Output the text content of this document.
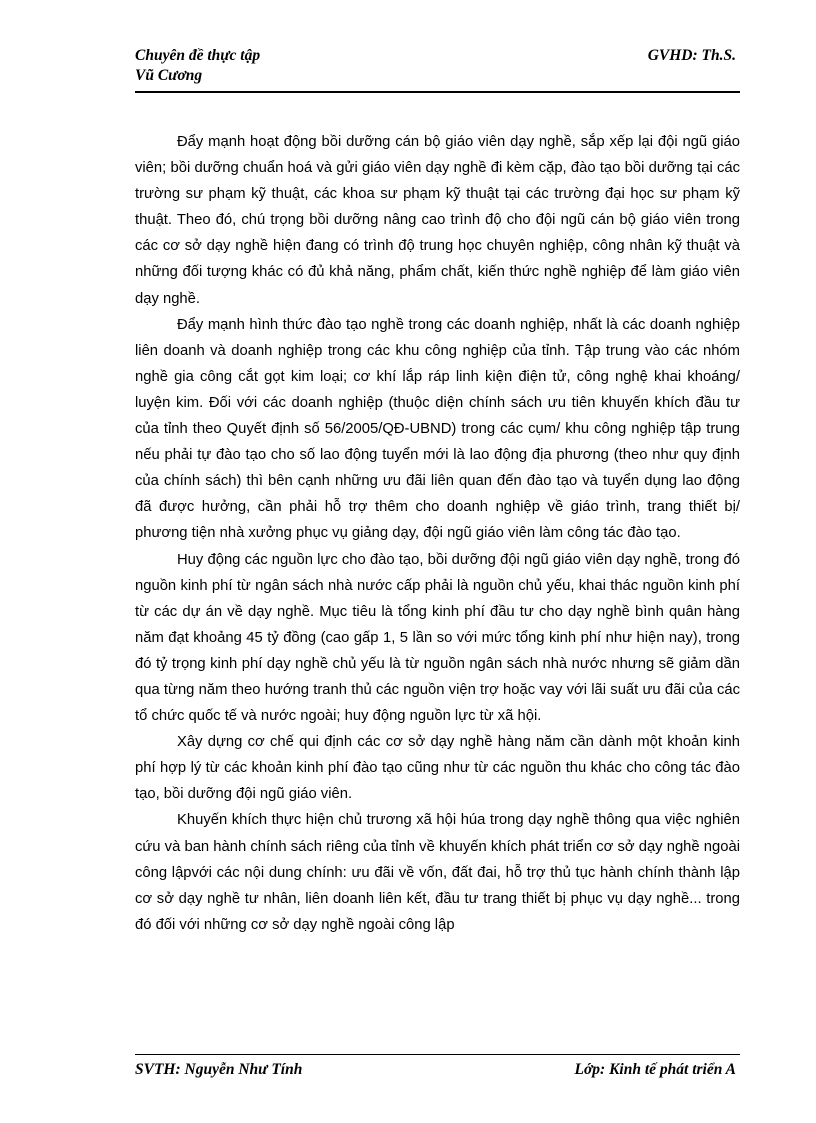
Chuyên đề thực tập
Vũ Cương
GVHD: Th.S.

Đẩy mạnh hoạt động bồi dưỡng cán bộ giáo viên dạy nghề, sắp xếp lại đội ngũ giáo viên; bồi dưỡng chuẩn hoá và gửi giáo viên dạy nghề đi kèm cặp, đào tạo bồi dưỡng tại các trường sư phạm kỹ thuật, các khoa sư phạm kỹ thuật tại các trường đại học sư phạm kỹ thuật. Theo đó, chú trọng bồi dưỡng nâng cao trình độ cho đội ngũ cán bộ giáo viên trong các cơ sở dạy nghề hiện đang có trình độ trung học chuyên nghiệp, công nhân kỹ thuật và những đối tượng khác có đủ khả năng, phẩm chất, kiến thức nghề nghiệp để làm giáo viên dạy nghề.

Đẩy mạnh hình thức đào tạo nghề trong các doanh nghiệp, nhất là các doanh nghiệp liên doanh và doanh nghiệp trong các khu công nghiệp của tỉnh. Tập trung vào các nhóm nghề gia công cắt gọt kim loại; cơ khí lắp ráp linh kiện điện tử, công nghệ khai khoáng/ luyện kim. Đối với các doanh nghiệp (thuộc diện chính sách ưu tiên khuyến khích đầu tư của tỉnh theo Quyết định số 56/2005/QĐ-UBND) trong các cụm/ khu công nghiệp tập trung nếu phải tự đào tạo cho số lao động tuyển mới là lao động địa phương (theo như quy định của chính sách) thì bên cạnh những ưu đãi liên quan đến đào tạo và tuyển dụng lao động đã được hưởng, cần phải hỗ trợ thêm cho doanh nghiệp về giáo trình, trang thiết bị/ phương tiện nhà xưởng phục vụ giảng dạy, đội ngũ giáo viên làm công tác đào tạo.

Huy động các nguồn lực cho đào tạo, bồi dưỡng đội ngũ giáo viên dạy nghề, trong đó nguồn kinh phí từ ngân sách nhà nước cấp phải là nguồn chủ yếu, khai thác nguồn kinh phí từ các dự án về dạy nghề. Mục tiêu là tổng kinh phí đầu tư cho dạy nghề bình quân hàng năm đạt khoảng 45 tỷ đồng (cao gấp 1, 5 lần so với mức tổng kinh phí như hiện nay), trong đó tỷ trọng kinh phí dạy nghề chủ yếu là từ nguồn ngân sách nhà nước nhưng sẽ giảm dần qua từng năm theo hướng tranh thủ các nguồn viện trợ hoặc vay với lãi suất ưu đãi của các tổ chức quốc tế và nước ngoài; huy động nguồn lực từ xã hội.

Xây dựng cơ chế qui định các cơ sở dạy nghề hàng năm cần dành một khoản kinh phí hợp lý từ các khoản kinh phí đào tạo cũng như từ các nguồn thu khác cho công tác đào tạo, bồi dưỡng đội ngũ giáo viên.

Khuyến khích thực hiện chủ trương xã hội húa trong dạy nghề thông qua việc nghiên cứu và ban hành chính sách riêng của tỉnh về khuyến khích phát triển cơ sở dạy nghề ngoài công lậpvới các nội dung chính: ưu đãi về vốn, đất đai, hỗ trợ thủ tục hành chính thành lập cơ sở dạy nghề tư nhân, liên doanh liên kết, đầu tư trang thiết bị phục vụ dạy nghề... trong đó đối với những cơ sở dạy nghề ngoài công lập

SVTH: Nguyễn Như Tính	Lớp: Kinh tế phát triển A
